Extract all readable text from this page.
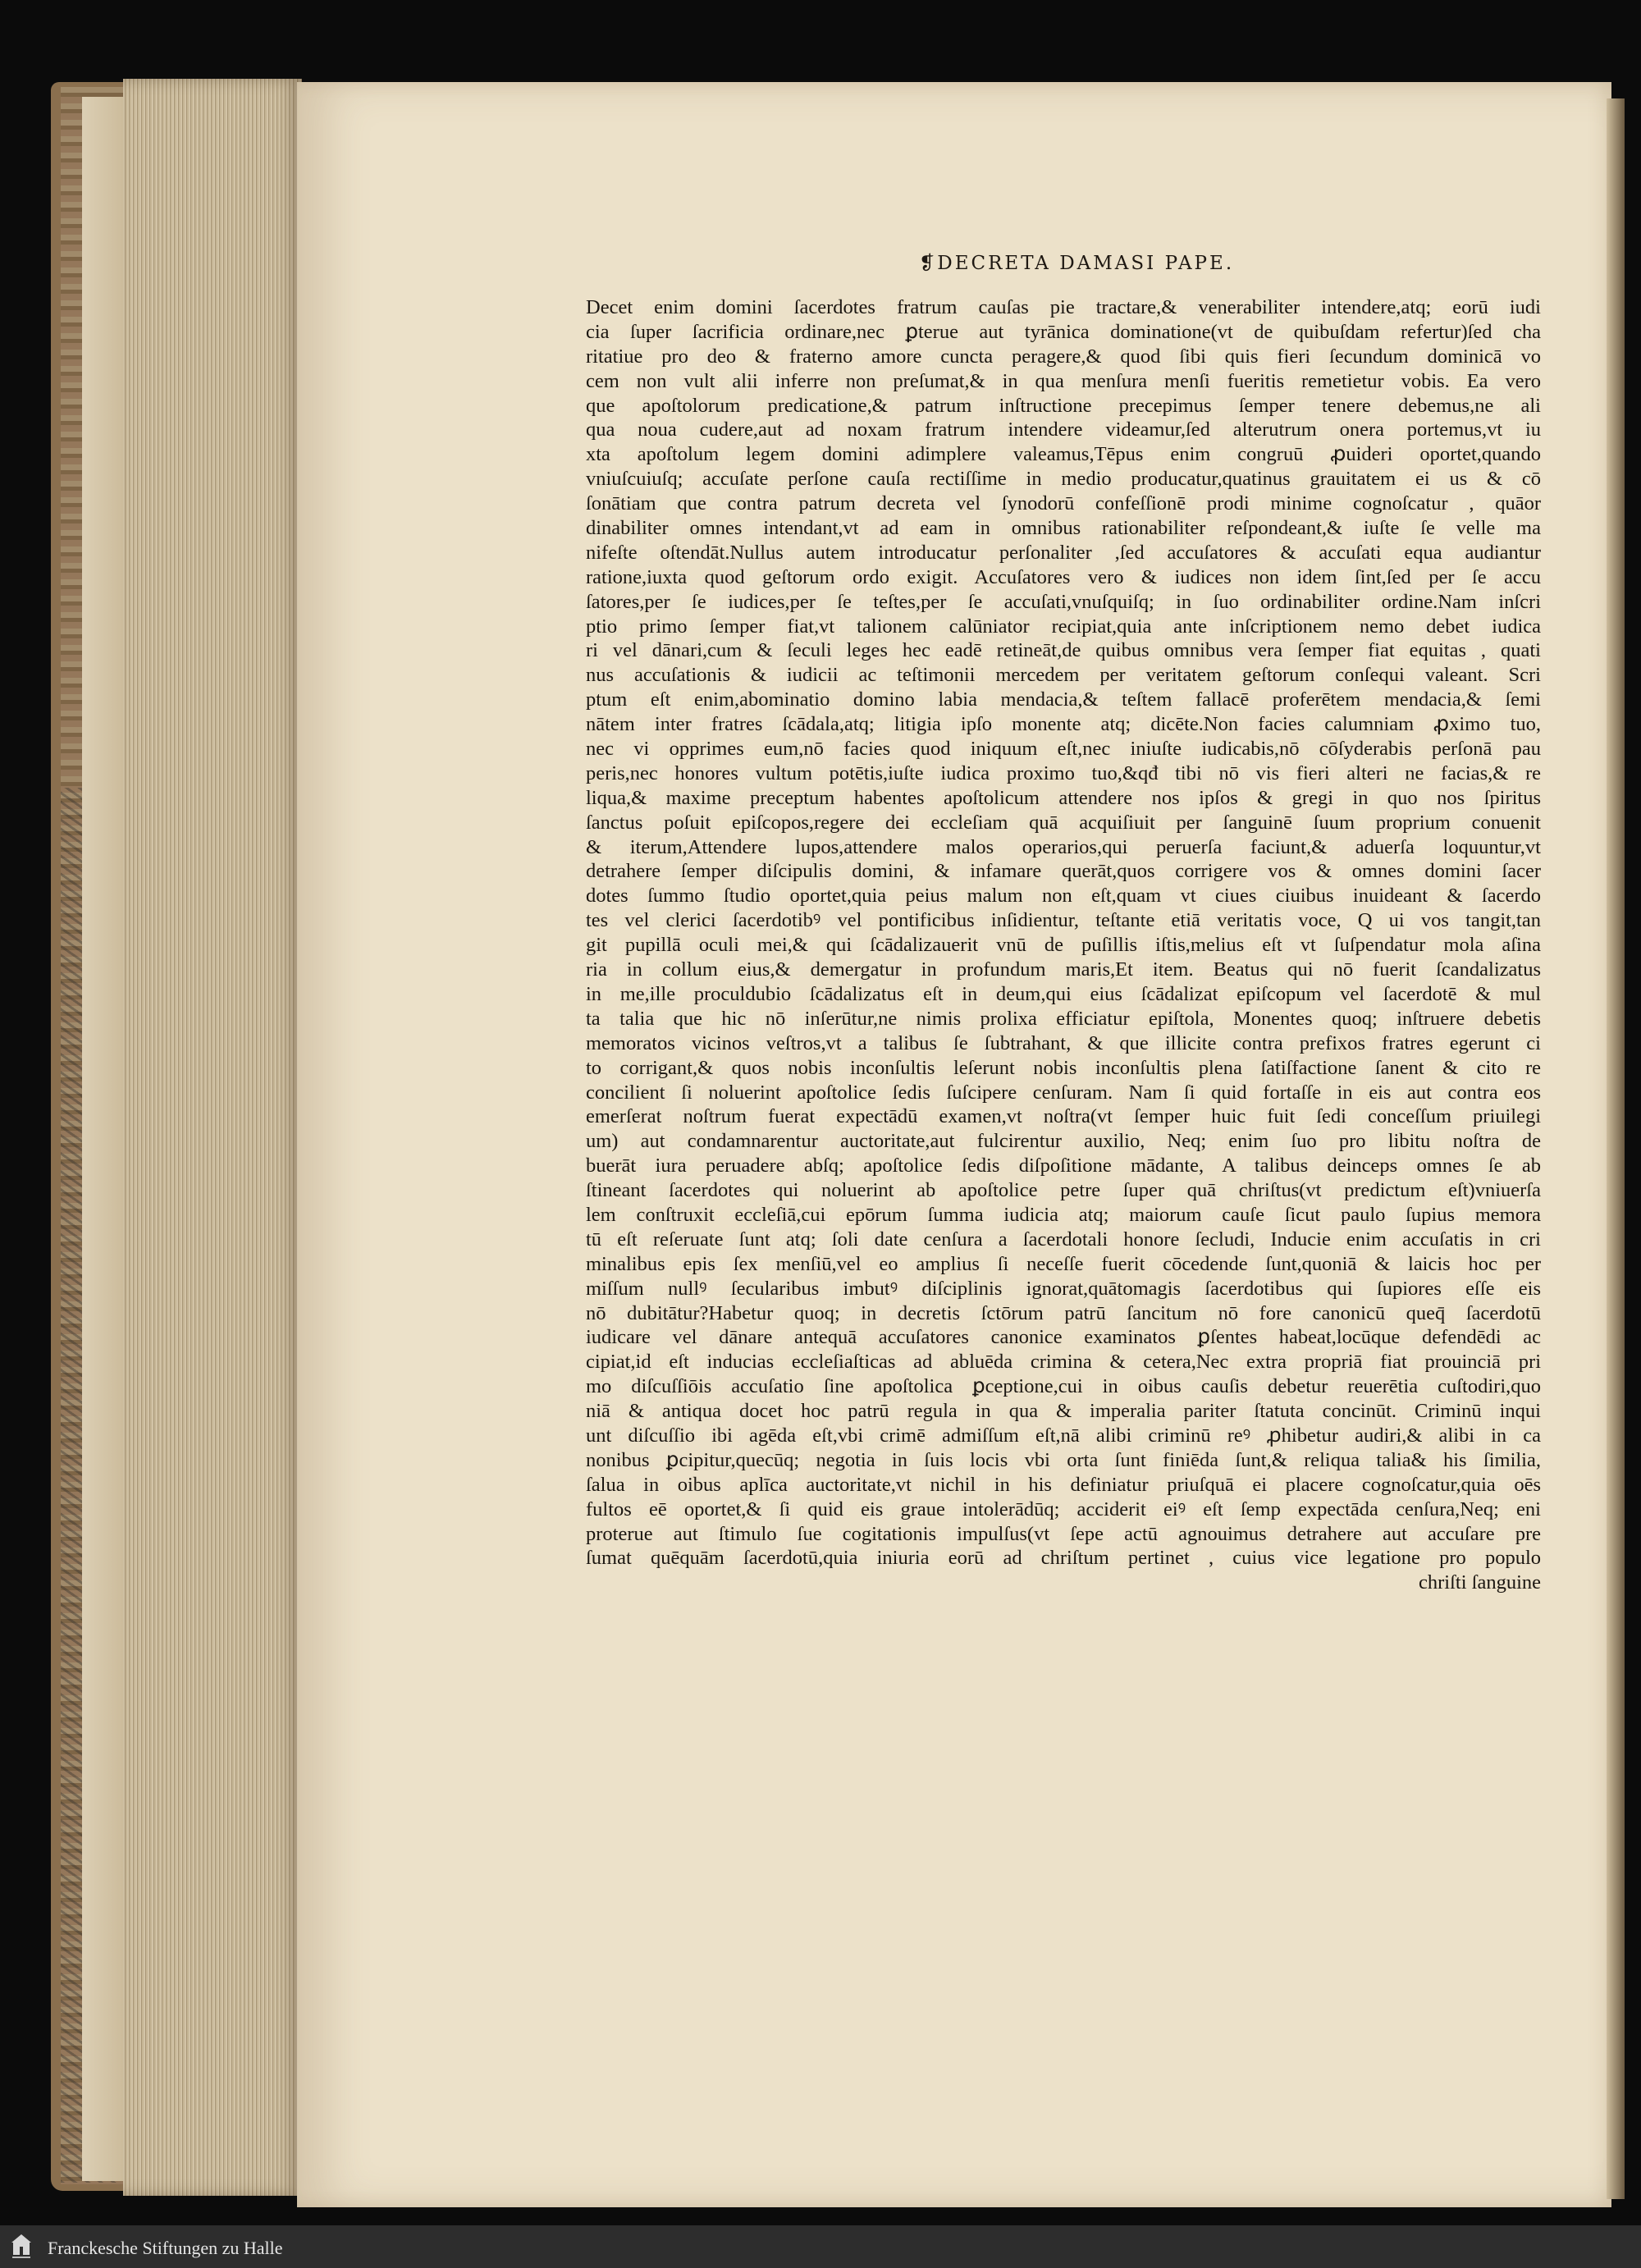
❡DECRETA DAMASI PAPE.
Decet enim domini ſacerdotes fratrum cauſas pie tractare,& venerabiliter intendere,atq; eorū iudi
cia ſuper ſacrificia ordinare,nec ꝑterue aut tyrānica dominatione(vt de quibuſdam refertur)ſed cha
ritatiue pro deo & fraterno amore cuncta peragere,& quod ſibi quis fieri ſecundum dominicā vo
cem non vult alii inferre non preſumat,& in qua menſura menſi fueritis remetietur vobis. Ea vero
que apoſtolorum predicatione,& patrum inſtructione precepimus ſemper tenere debemus,ne ali
qua noua cudere,aut ad noxam fratrum intendere videamur,ſed alterutrum onera portemus,vt iu
xta apoſtolum legem domini adimplere valeamus,Tēpus enim congruū ꝓuideri oportet,quando
vniuſcuiuſq; accuſate perſone cauſa rectiſſime in medio producatur,quatinus grauitatem ei us & cō
ſonātiam que contra patrum decreta vel ſynodorū confeſſionē prodi minime cognoſcatur , quāor
dinabiliter omnes intendant,vt ad eam in omnibus rationabiliter reſpondeant,& iuſte ſe velle ma
nifeſte oſtendāt.Nullus autem introducatur perſonaliter ,ſed accuſatores & accuſati equa audiantur
ratione,iuxta quod geſtorum ordo exigit. Accuſatores vero & iudices non idem ſint,ſed per ſe accu
ſatores,per ſe iudices,per ſe teſtes,per ſe accuſati,vnuſquiſq; in ſuo ordinabiliter ordine.Nam inſcri
ptio primo ſemper fiat,vt talionem calūniator recipiat,quia ante inſcriptionem nemo debet iudica
ri vel dānari,cum & ſeculi leges hec eadē retineāt,de quibus omnibus vera ſemper fiat equitas , quati
nus accuſationis & iudicii ac teſtimonii mercedem per veritatem geſtorum conſequi valeant. Scri
ptum eſt enim,abominatio domino labia mendacia,& teſtem fallacē proferētem mendacia,& ſemi
nātem inter fratres ſcādala,atq; litigia ipſo monente atq; dicēte.Non facies calumniam ꝓximo tuo,
nec vi opprimes eum,nō facies quod iniquum eſt,nec iniuſte iudicabis,nō cōſyderabis perſonā pau
peris,nec honores vultum potētis,iuſte iudica proximo tuo,&qđ tibi nō vis fieri alteri ne facias,& re
liqua,& maxime preceptum habentes apoſtolicum attendere nos ipſos & gregi in quo nos ſpiritus
ſanctus poſuit epiſcopos,regere dei eccleſiam quā acquiſiuit per ſanguinē ſuum proprium conuenit
& iterum,Attendere lupos,attendere malos operarios,qui peruerſa faciunt,& aduerſa loquuntur,vt
detrahere ſemper diſcipulis domini, & infamare querāt,quos corrigere vos & omnes domini ſacer
dotes ſummo ſtudio oportet,quia peius malum non eſt,quam vt ciues ciuibus inuideant & ſacerdo
tes vel clerici ſacerdotibꝰ vel pontificibus inſidientur, teſtante etiā veritatis voce, Q ui vos tangit,tan
git pupillā oculi mei,& qui ſcādalizauerit vnū de puſillis iſtis,melius eſt vt ſuſpendatur mola aſina
ria in collum eius,& demergatur in profundum maris,Et item. Beatus qui nō fuerit ſcandalizatus
in me,ille proculdubio ſcādalizatus eſt in deum,qui eius ſcādalizat epiſcopum vel ſacerdotē & mul
ta talia que hic nō inſerūtur,ne nimis prolixa efficiatur epiſtola, Monentes quoq; inſtruere debetis
memoratos vicinos veſtros,vt a talibus ſe ſubtrahant, & que illicite contra prefixos fratres egerunt ci
to corrigant,& quos nobis inconſultis leſerunt nobis inconſultis plena ſatiſfactione ſanent & cito re
concilient ſi noluerint apoſtolice ſedis ſuſcipere cenſuram. Nam ſi quid fortaſſe in eis aut contra eos
emerſerat noſtrum fuerat expectādū examen,vt noſtra(vt ſemper huic fuit ſedi conceſſum priuilegi
um) aut condamnarentur auctoritate,aut fulcirentur auxilio, Neq; enim ſuo pro libitu noſtra de
buerāt iura peruadere abſq; apoſtolice ſedis diſpoſitione mādante, A talibus deinceps omnes ſe ab
ſtineant ſacerdotes qui noluerint ab apoſtolice petre ſuper quā chriſtus(vt predictum eſt)vniuerſa
lem conſtruxit eccleſiā,cui epōrum ſumma iudicia atq; maiorum cauſe ſicut paulo ſupius memora
tū eſt reſeruate ſunt atq; ſoli date cenſura a ſacerdotali honore ſecludi, Inducie enim accuſatis in cri
minalibus epis ſex menſiū,vel eo amplius ſi neceſſe fuerit cōcedende ſunt,quoniā & laicis hoc per
miſſum nullꝰ ſecularibus imbutꝰ diſciplinis ignorat,quātomagis ſacerdotibus qui ſupiores eſſe eis
nō dubitātur?Habetur quoq; in decretis ſctōrum patrū ſancitum nō fore canonicū queq̄ ſacerdotū
iudicare vel dānare antequā accuſatores canonice examinatos ꝑſentes habeat,locūque defendēdi ac
cipiat,id eſt inducias eccleſiaſticas ad abluēda crimina & cetera,Nec extra propriā fiat prouinciā pri
mo diſcuſſiōis accuſatio ſine apoſtolica ꝑceptione,cui in oibus cauſis debetur reuerētia cuſtodiri,quo
niā & antiqua docet hoc patrū regula in qua & imperalia pariter ſtatuta concinūt. Criminū inqui
unt diſcuſſio ibi agēda eſt,vbi crimē admiſſum eſt,nā alibi criminū reꝰ ꝓhibetur audiri,& alibi in ca
nonibus ꝑcipitur,quecūq; negotia in ſuis locis vbi orta ſunt finiēda ſunt,& reliqua talia& his ſimilia,
ſalua in oibus aplīca auctoritate,vt nichil in his definiatur priuſquā ei placere cognoſcatur,quia oēs
fultos eē oportet,& ſi quid eis graue intolerādūq; acciderit eiꝰ eſt ſemp expectāda cenſura,Neq; eni
proterue aut ſtimulo ſue cogitationis impulſus(vt ſepe actū agnouimus detrahere aut accuſare pre
ſumat quēquām ſacerdotū,quia iniuria eorū ad chriſtum pertinet , cuius vice legatione pro populo
chriſti ſanguine
Franckesche Stiftungen zu Halle
